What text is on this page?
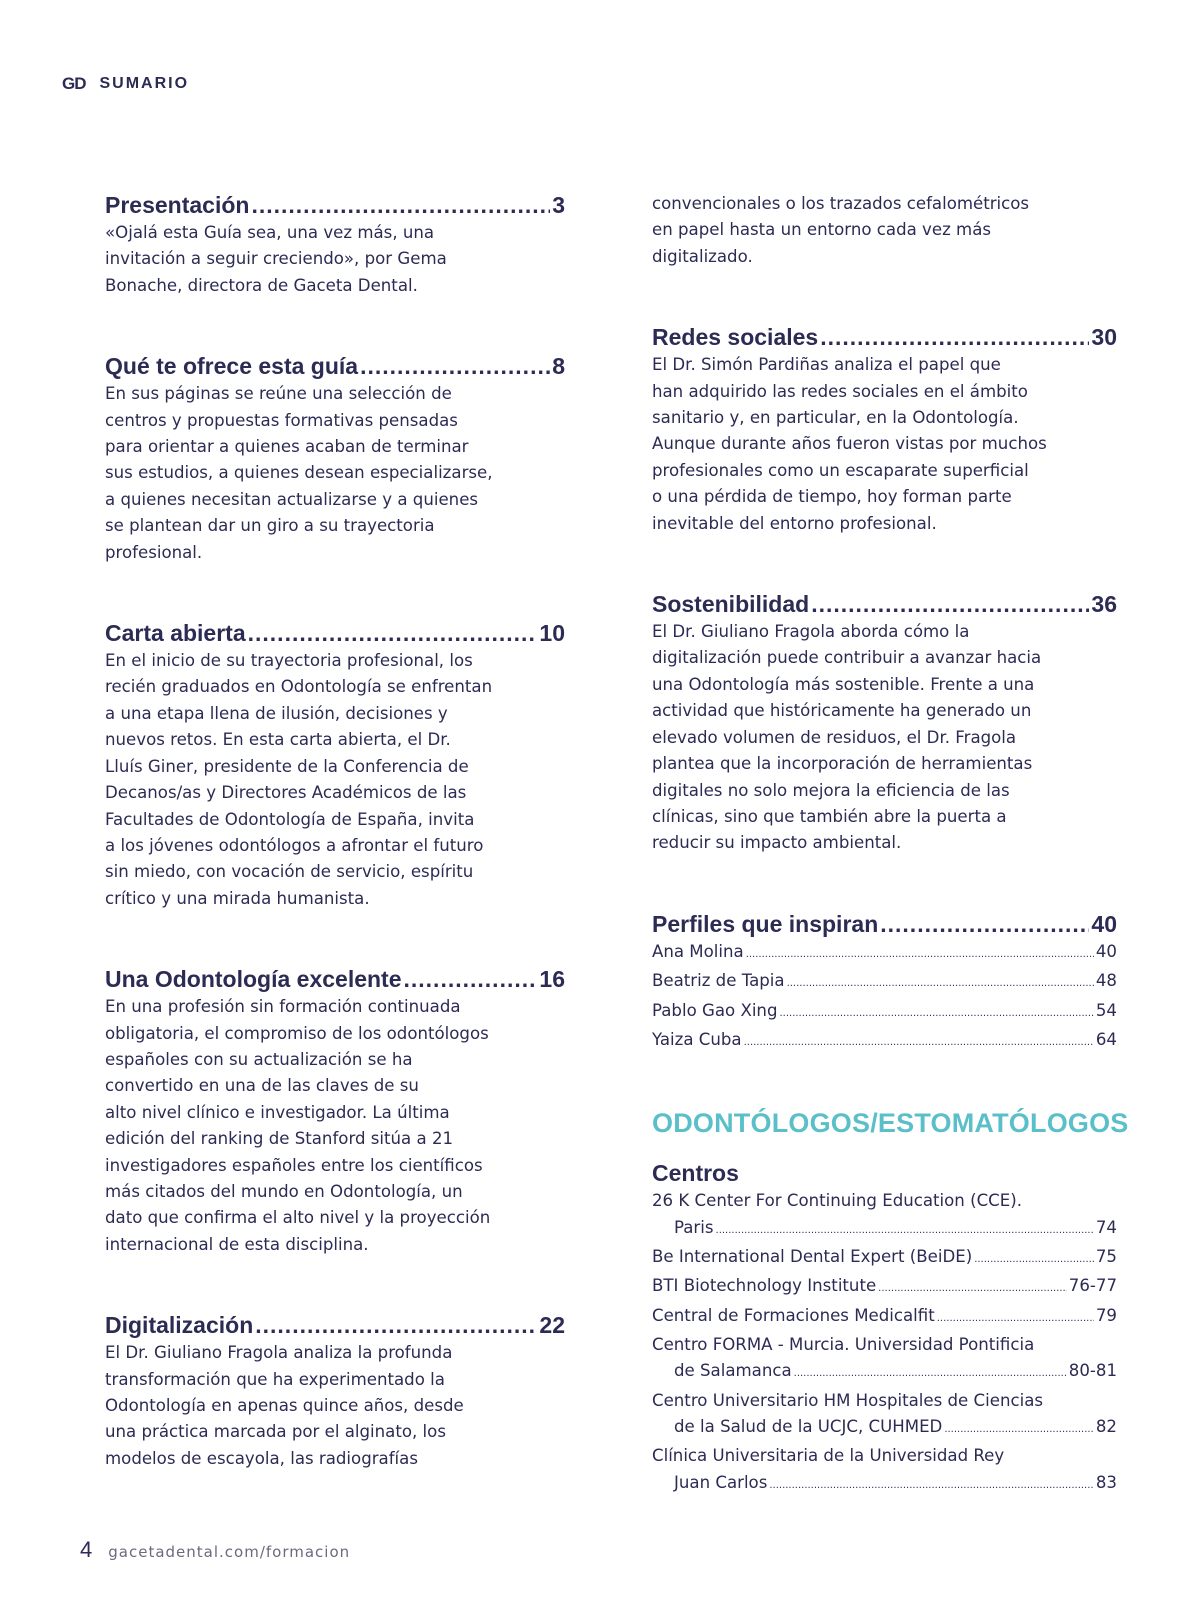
GD SUMARIO
Presentación .....	3

«Ojalá esta Guía sea, una vez más, una
invitación a seguir creciendo», por Gema
Bonache, directora de Gaceta Dental.

Qué te ofrece esta guía .....	8

En sus páginas se reúne una selección de
centros y propuestas formativas pensadas
para orientar a quienes acaban de terminar
sus estudios, a quienes desean especializarse,
a quienes necesitan actualizarse y a quienes
se plantean dar un giro a su trayectoria
profesional.

Carta abierta .....	10

En el inicio de su trayectoria profesional, los
recién graduados en Odontología se enfrentan
a una etapa llena de ilusión, decisiones y
nuevos retos. En esta carta abierta, el Dr.
Lluís Giner, presidente de la Conferencia de
Decanos/as y Directores Académicos de las
Facultades de Odontología de España, invita
a los jóvenes odontólogos a afrontar el futuro
sin miedo, con vocación de servicio, espíritu
crítico y una mirada humanista.

Una Odontología excelente .....	16

En una profesión sin formación continuada
obligatoria, el compromiso de los odontólogos
españoles con su actualización se ha
convertido en una de las claves de su
alto nivel clínico e investigador. La última
edición del ranking de Stanford sitúa a 21
investigadores españoles entre los científicos
más citados del mundo en Odontología, un
dato que confirma el alto nivel y la proyección
internacional de esta disciplina.

Digitalización .....	22

El Dr. Giuliano Fragola analiza la profunda
transformación que ha experimentado la
Odontología en apenas quince años, desde
una práctica marcada por el alginato, los
modelos de escayola, las radiografías

convencionales o los trazados cefalométricos
en papel hasta un entorno cada vez más
digitalizado.

Redes sociales .....	30

El Dr. Simón Pardiñas analiza el papel que
han adquirido las redes sociales en el ámbito
sanitario y, en particular, en la Odontología.
Aunque durante años fueron vistas por muchos
profesionales como un escaparate superficial
o una pérdida de tiempo, hoy forman parte
inevitable del entorno profesional.

Sostenibilidad .....	36

El Dr. Giuliano Fragola aborda cómo la
digitalización puede contribuir a avanzar hacia
una Odontología más sostenible. Frente a una
actividad que históricamente ha generado un
elevado volumen de residuos, el Dr. Fragola
plantea que la incorporación de herramientas
digitales no solo mejora la eficiencia de las
clínicas, sino que también abre la puerta a
reducir su impacto ambiental.

Perfiles que inspiran .....	40
Ana Molina .....	40
Beatriz de Tapia .....	48
Pablo Gao Xing .....	54
Yaiza Cuba .....	64
ODONTÓLOGOS/ESTOMATÓLOGOS
Centros
26 K Center For Continuing Education (CCE).
Paris .....	74
Be International Dental Expert (BeiDE) .....	75
BTI Biotechnology Institute .....	76-77
Central de Formaciones Medicalfit .....	79
Centro FORMA - Murcia. Universidad Pontificia
de Salamanca .....	80-81
Centro Universitario HM Hospitales de Ciencias
de la Salud de la UCJC, CUHMED .....	82
Clínica Universitaria de la Universidad Rey
Juan Carlos .....	83
4 gacetadental.com/formacion
